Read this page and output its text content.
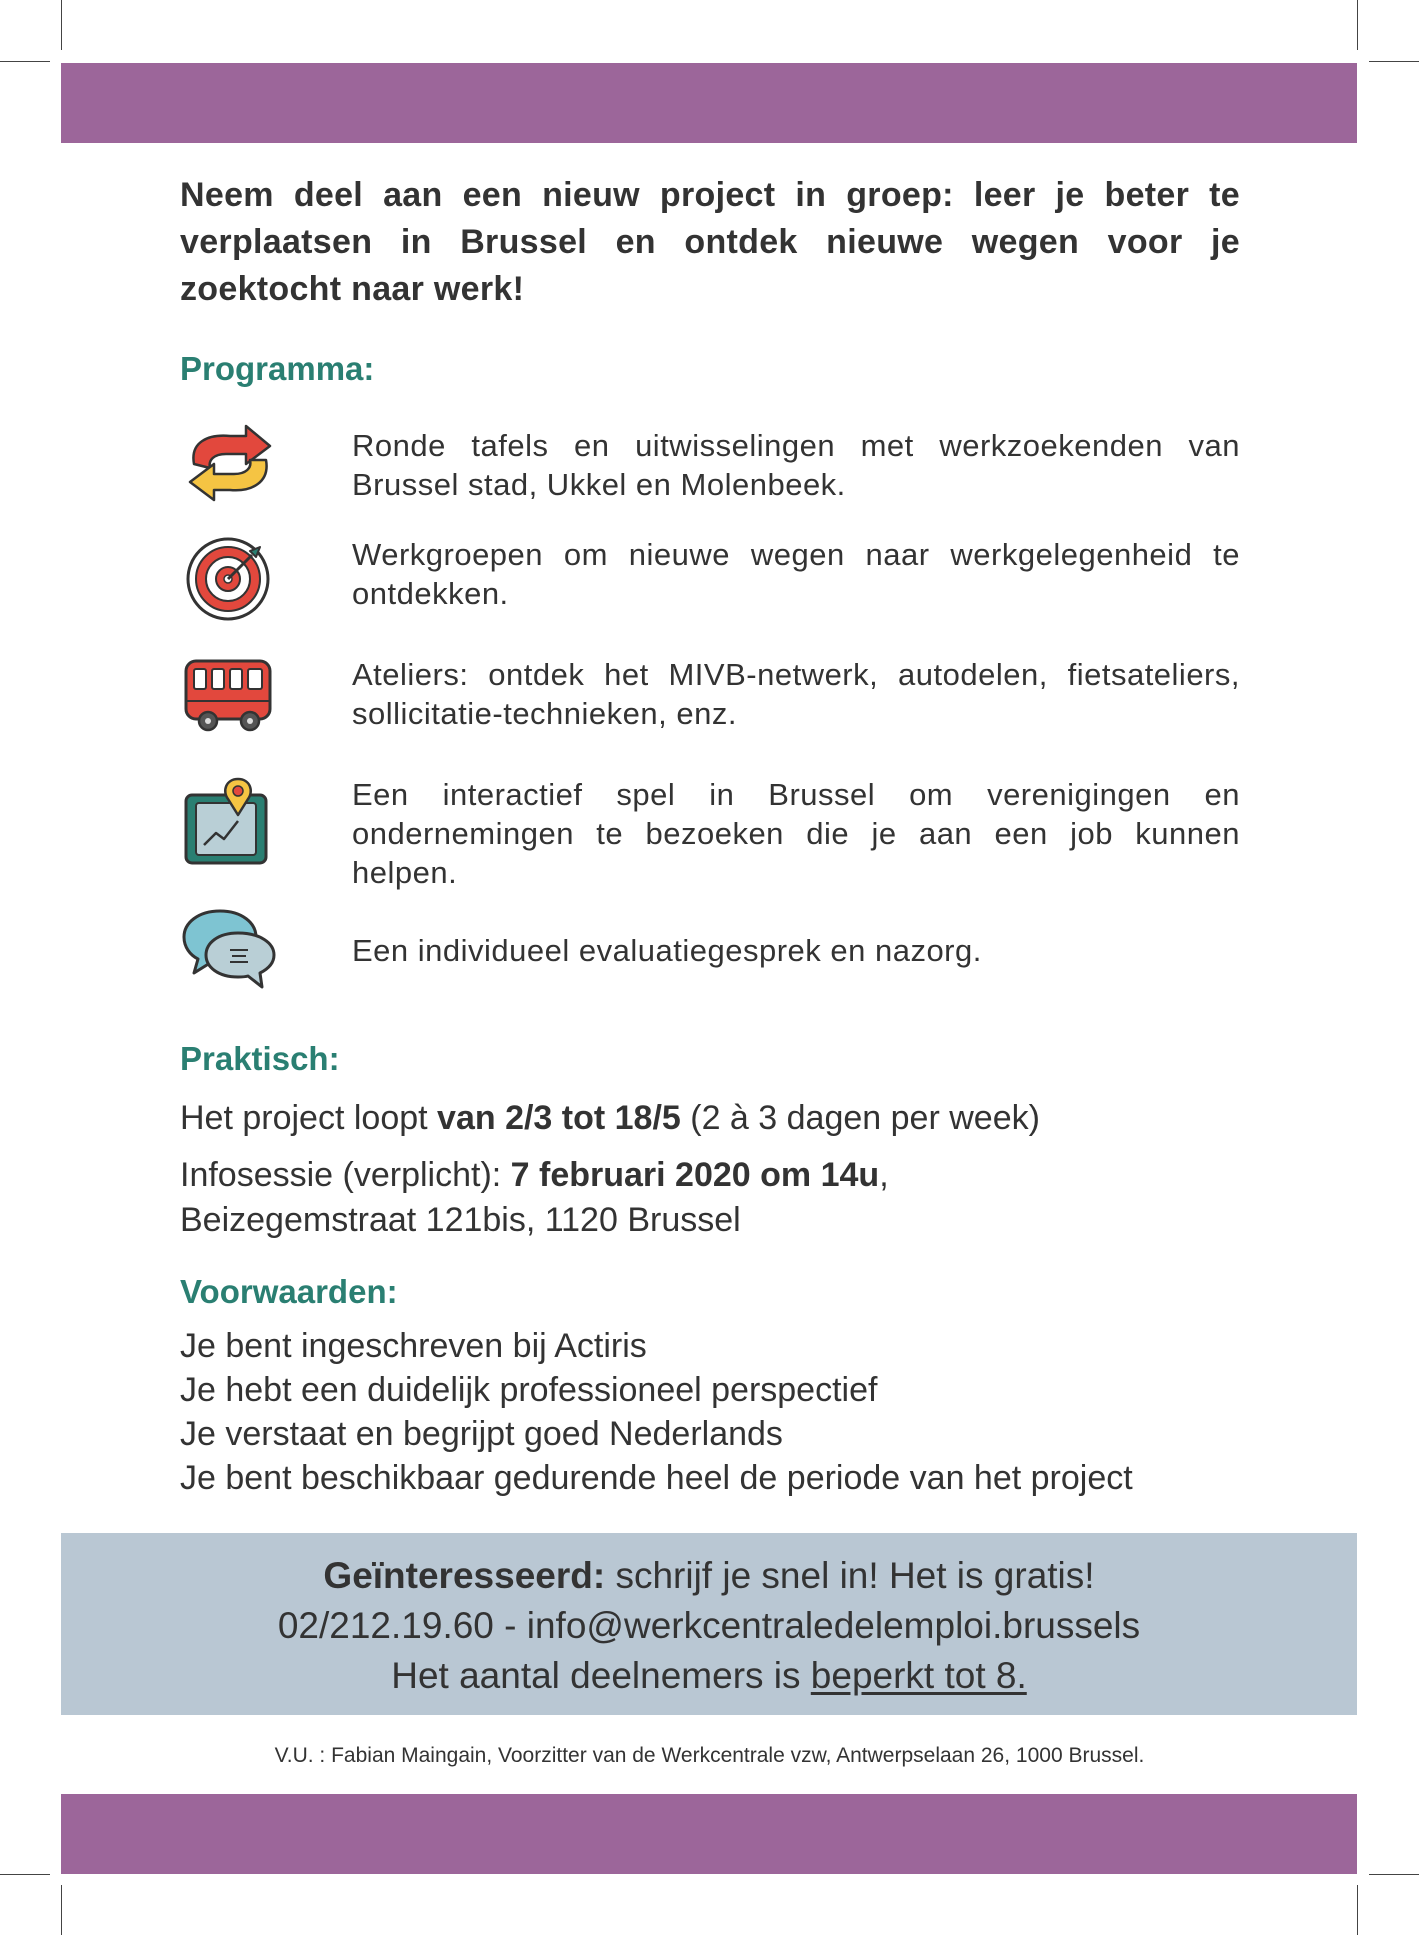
Neem deel aan een nieuw project in groep: leer je beter te verplaatsen in Brussel en ontdek nieuwe wegen voor je zoektocht naar werk!
Programma:
Ronde tafels en uitwisselingen met werkzoekenden van Brussel stad, Ukkel en Molenbeek.
Werkgroepen om nieuwe wegen naar werkgelegenheid te ontdekken.
Ateliers: ontdek het MIVB-netwerk, autodelen, fietsateliers, sollicitatie-technieken, enz.
Een interactief spel in Brussel om verenigingen en ondernemingen te bezoeken die je aan een job kunnen helpen.
Een individueel evaluatiegesprek en nazorg.
Praktisch:
Het project loopt van 2/3 tot 18/5 (2 à 3 dagen per week)
Infosessie (verplicht): 7 februari 2020 om 14u,
Beizegemstraat 121bis, 1120 Brussel
Voorwaarden:
Je bent ingeschreven bij Actiris
Je hebt een duidelijk professioneel perspectief
Je verstaat en begrijpt goed Nederlands
Je bent beschikbaar gedurende heel de periode van het project
Geïnteresseerd: schrijf je snel in! Het is gratis!
02/212.19.60 - info@werkcentraledelemploi.brussels
Het aantal deelnemers is beperkt tot 8.
V.U. : Fabian Maingain, Voorzitter van de Werkcentrale vzw, Antwerpselaan 26, 1000 Brussel.
